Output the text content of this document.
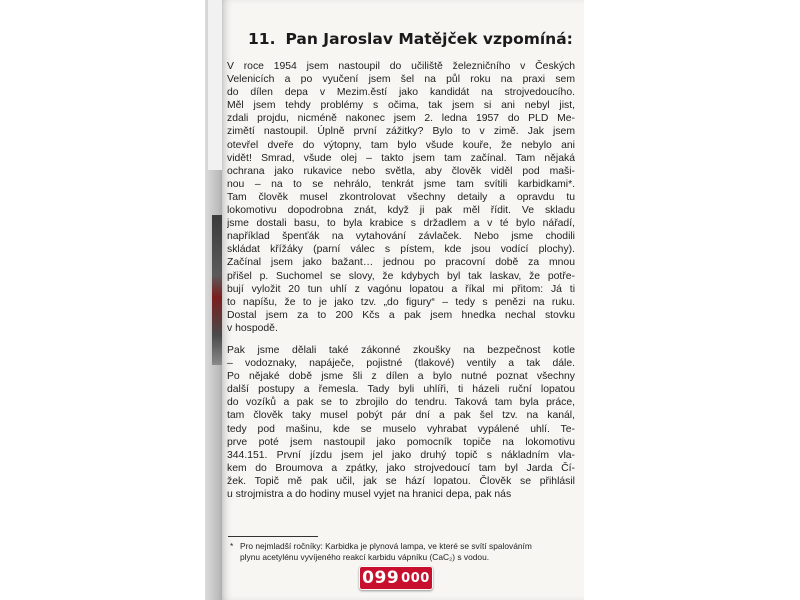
11. Pan Jaroslav Matějček vzpomíná:

V roce 1954 jsem nastoupil do učiliště železničního v Českých
Velenicích a po vyučení jsem šel na půl roku na praxi sem
do dílen depa v Mezim.ěstí jako kandidát na strojvedoucího.
Měl jsem tehdy problémy s očima, tak jsem si ani nebyl jist,
zdali projdu, nicméně nakonec jsem 2. ledna 1957 do PLD Me-
zimětí nastoupil. Úplně první zážitky? Bylo to v zimě. Jak jsem
otevřel dveře do výtopny, tam bylo všude kouře, že nebylo ani
vidět! Smrad, všude olej – takto jsem tam začínal. Tam nějaká
ochrana jako rukavice nebo světla, aby člověk viděl pod maši-
nou – na to se nehrálo, tenkrát jsme tam svítili karbidkami*.
Tam člověk musel zkontrolovat všechny detaily a opravdu tu
lokomotivu dopodrobna znát, když ji pak měl řídit. Ve skladu
jsme dostali basu, to byla krabice s držadlem a v té bylo nářadí,
například špenťák na vytahování závlaček. Nebo jsme chodili
skládat křížáky (parní válec s pístem, kde jsou vodící plochy).
Začínal jsem jako bažant… jednou po pracovní době za mnou
přišel p. Suchomel se slovy, že kdybych byl tak laskav, že potře-
bují vyložit 20 tun uhlí z vagónu lopatou a říkal mi přitom: Já ti
to napíšu, že to je jako tzv. „do figury“ – tedy s penězi na ruku.
Dostal jsem za to 200 Kčs a pak jsem hnedka nechal stovku
v hospodě.

Pak jsme dělali také zákonné zkoušky na bezpečnost kotle
– vodoznaky, napáječe, pojistné (tlakové) ventily a tak dále.
Po nějaké době jsme šli z dílen a bylo nutné poznat všechny
další postupy a řemesla. Tady byli uhlíři, ti házeli ruční lopatou
do vozíků a pak se to zbrojilo do tendru. Taková tam byla práce,
tam člověk taky musel pobýt pár dní a pak šel tzv. na kanál,
tedy pod mašinu, kde se muselo vyhrabat vypálené uhlí. Te-
prve poté jsem nastoupil jako pomocník topiče na lokomotivu
344.151. První jízdu jsem jel jako druhý topič s nákladním vla-
kem do Broumova a zpátky, jako strojvedoucí tam byl Jarda Čí-
žek. Topič mě pak učil, jak se hází lopatou. Člověk se přihlásil
u strojmistra a do hodiny musel vyjet na hranici depa, pak nás

* Pro nejmladší ročníky: Karbidka je plynová lampa, ve které se svítí spalováním
plynu acetylénu vyvíjeného reakcí karbidu vápníku (CaC₂) s vodou.
099 000
